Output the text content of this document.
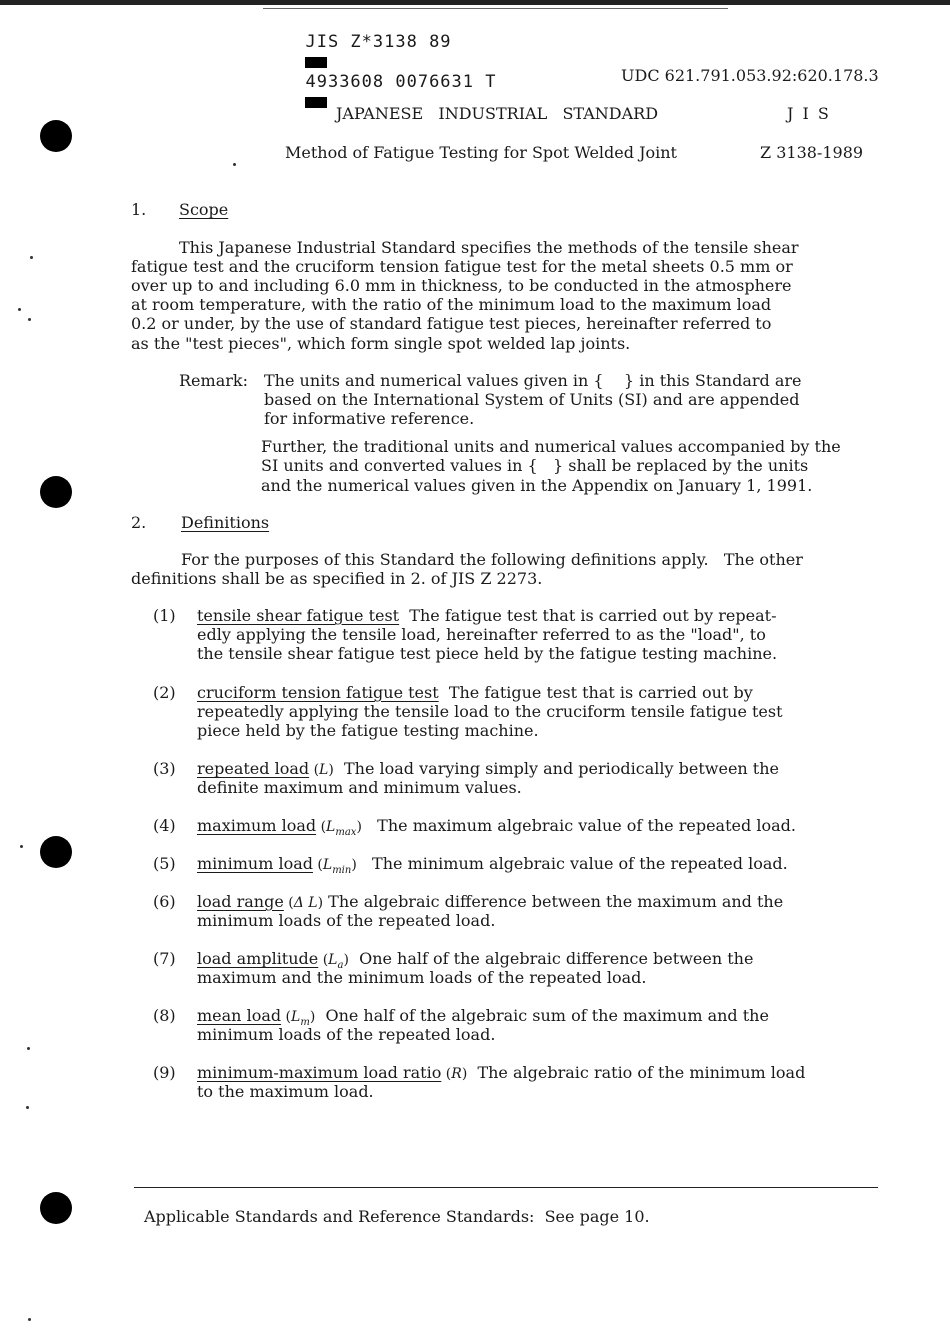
JIS Z*3138 89

4933608 0076631 T
	UDC 621.791.053.92:620.178.3
JAPANESE   INDUSTRIAL   STANDARD	J I S
Method of Fatigue Testing for Spot Welded Joint	Z 3138-1989
1. Scope
This Japanese Industrial Standard specifies the methods of the tensile shear
fatigue test and the cruciform tension fatigue test for the metal sheets 0.5 mm or
over up to and including 6.0 mm in thickness, to be conducted in the atmosphere
at room temperature, with the ratio of the minimum load to the maximum load
0.2 or under, by the use of standard fatigue test pieces, hereinafter referred to
as the "test pieces", which form single spot welded lap joints.
Remark: The units and numerical values given in {    } in this Standard are
based on the International System of Units (SI) and are appended
for informative reference.
Further, the traditional units and numerical values accompanied by the
SI units and converted values in {   } shall be replaced by the units
and the numerical values given in the Appendix on January 1, 1991.
2. Definitions
For the purposes of this Standard the following definitions apply.   The other
definitions shall be as specified in 2. of JIS Z 2273.
(1) tensile shear fatigue test  The fatigue test that is carried out by repeat-
edly applying the tensile load, hereinafter referred to as the "load", to
the tensile shear fatigue test piece held by the fatigue testing machine.
(2) cruciform tension fatigue test  The fatigue test that is carried out by
repeatedly applying the tensile load to the cruciform tensile fatigue test
piece held by the fatigue testing machine.
(3) repeated load (L)  The load varying simply and periodically between the
definite maximum and minimum values.
(4) maximum load $(L_{max})$   The maximum algebraic value of the repeated load.
(5) minimum load $(L_{min})$   The minimum algebraic value of the repeated load.
(6) load range (Δ L) The algebraic difference between the maximum and the
minimum loads of the repeated load.
(7) load amplitude $(L_a)$  One half of the algebraic difference between the
maximum and the minimum loads of the repeated load.
(8) mean load $(L_m)$  One half of the algebraic sum of the maximum and the
minimum loads of the repeated load.
(9) minimum-maximum load ratio (R)  The algebraic ratio of the minimum load
to the maximum load.
Applicable Standards and Reference Standards:  See page 10.
